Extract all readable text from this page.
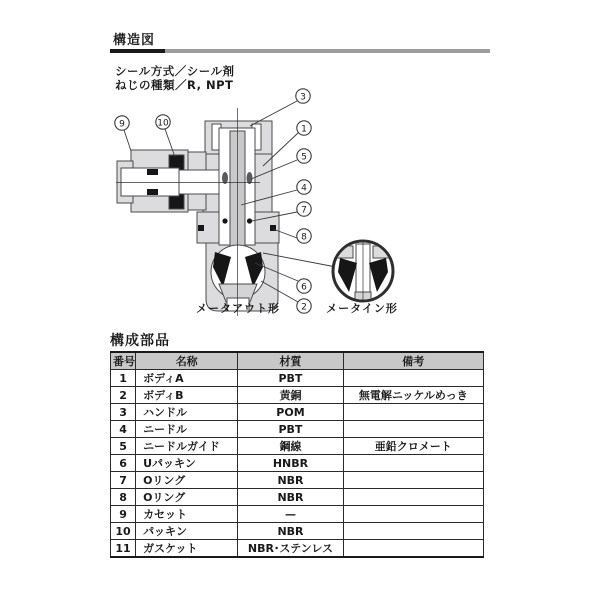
構造図
シール方式／シール剤
ねじの種類／R, NPT
3
1
5
4
7
8
6
2
9	10
メータアウト形	メータイン形
構成部品
番号	名称	材質	備考
1	ボディA	PBT	
2	ボディB	黄銅	無電解ニッケルめっき
3	ハンドル	POM	
4	ニードル	PBT	
5	ニードルガイド	鋼線	亜鉛クロメート
6	Uパッキン	HNBR	
7	Oリング	NBR	
8	Oリング	NBR	
9	カセット	—	
10	パッキン	NBR	
11	ガスケット	NBR･ステンレス	
